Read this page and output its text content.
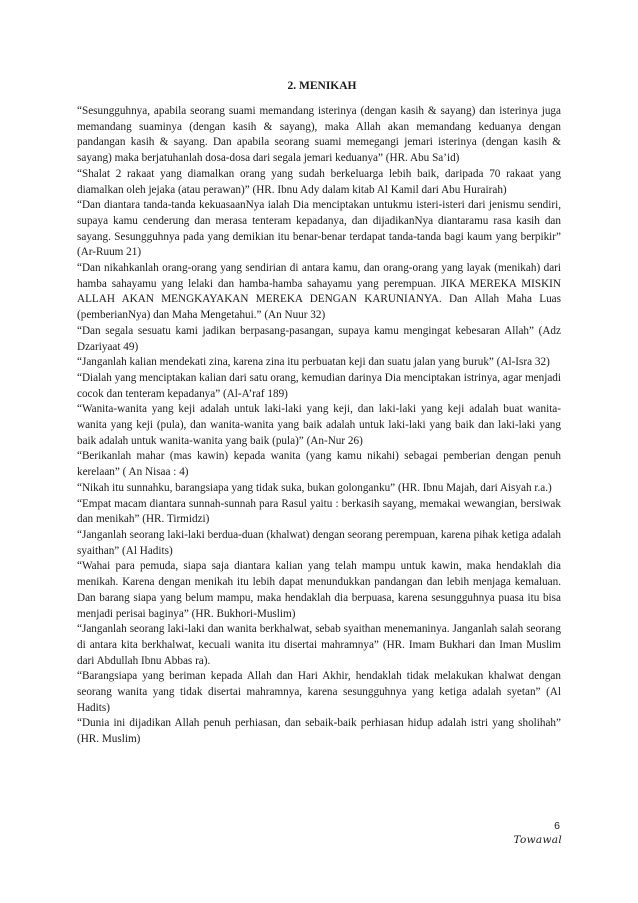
2. MENIKAH

“Sesungguhnya, apabila seorang suami memandang isterinya (dengan kasih & sayang) dan isterinya juga memandang suaminya (dengan kasih & sayang), maka Allah akan memandang keduanya dengan pandangan kasih & sayang. Dan apabila seorang suami memegangi jemari isterinya (dengan kasih & sayang) maka berjatuhanlah dosa-dosa dari segala jemari keduanya” (HR. Abu Sa’id)

“Shalat 2 rakaat yang diamalkan orang yang sudah berkeluarga lebih baik, daripada 70 rakaat yang diamalkan oleh jejaka (atau perawan)” (HR. Ibnu Ady dalam kitab Al Kamil dari Abu Hurairah)

“Dan diantara tanda-tanda kekuasaanNya ialah Dia menciptakan untukmu isteri-isteri dari jenismu sendiri, supaya kamu cenderung dan merasa tenteram kepadanya, dan dijadikanNya diantaramu rasa kasih dan sayang. Sesungguhnya pada yang demikian itu benar-benar terdapat tanda-tanda bagi kaum yang berpikir” (Ar-Ruum 21)

“Dan nikahkanlah orang-orang yang sendirian di antara kamu, dan orang-orang yang layak (menikah) dari hamba sahayamu yang lelaki dan hamba-hamba sahayamu yang perempuan. JIKA MEREKA MISKIN ALLAH AKAN MENGKAYAKAN MEREKA DENGAN KARUNIANYA. Dan Allah Maha Luas (pemberianNya) dan Maha Mengetahui.” (An Nuur 32)

“Dan segala sesuatu kami jadikan berpasang-pasangan, supaya kamu mengingat kebesaran Allah” (Adz Dzariyaat 49)

“Janganlah kalian mendekati zina, karena zina itu perbuatan keji dan suatu jalan yang buruk” (Al-Isra 32)

“Dialah yang menciptakan kalian dari satu orang, kemudian darinya Dia menciptakan istrinya, agar menjadi cocok dan tenteram kepadanya” (Al-A’raf 189)

“Wanita-wanita yang keji adalah untuk laki-laki yang keji, dan laki-laki yang keji adalah buat wanita-wanita yang keji (pula), dan wanita-wanita yang baik adalah untuk laki-laki yang baik dan laki-laki yang baik adalah untuk wanita-wanita yang baik (pula)” (An-Nur 26)

“Berikanlah mahar (mas kawin) kepada wanita (yang kamu nikahi) sebagai pemberian dengan penuh kerelaan” ( An Nisaa : 4)

“Nikah itu sunnahku, barangsiapa yang tidak suka, bukan golonganku” (HR. Ibnu Majah, dari Aisyah r.a.)

“Empat macam diantara sunnah-sunnah para Rasul yaitu : berkasih sayang, memakai wewangian, bersiwak dan menikah” (HR. Tirmidzi)

“Janganlah seorang laki-laki berdua-duan (khalwat) dengan seorang perempuan, karena pihak ketiga adalah syaithan” (Al Hadits)

“Wahai para pemuda, siapa saja diantara kalian yang telah mampu untuk kawin, maka hendaklah dia menikah. Karena dengan menikah itu lebih dapat menundukkan pandangan dan lebih menjaga kemaluan. Dan barang siapa yang belum mampu, maka hendaklah dia berpuasa, karena sesungguhnya puasa itu bisa menjadi perisai baginya” (HR. Bukhori-Muslim)

“Janganlah seorang laki-laki dan wanita berkhalwat, sebab syaithan menemaninya. Janganlah salah seorang di antara kita berkhalwat, kecuali wanita itu disertai mahramnya” (HR. Imam Bukhari dan Iman Muslim dari Abdullah Ibnu Abbas ra).

“Barangsiapa yang beriman kepada Allah dan Hari Akhir, hendaklah tidak melakukan khalwat dengan seorang wanita yang tidak disertai mahramnya, karena sesungguhnya yang ketiga adalah syetan” (Al Hadits)

“Dunia ini dijadikan Allah penuh perhiasan, dan sebaik-baik perhiasan hidup adalah istri yang sholihah” (HR. Muslim)

6
Towawal
